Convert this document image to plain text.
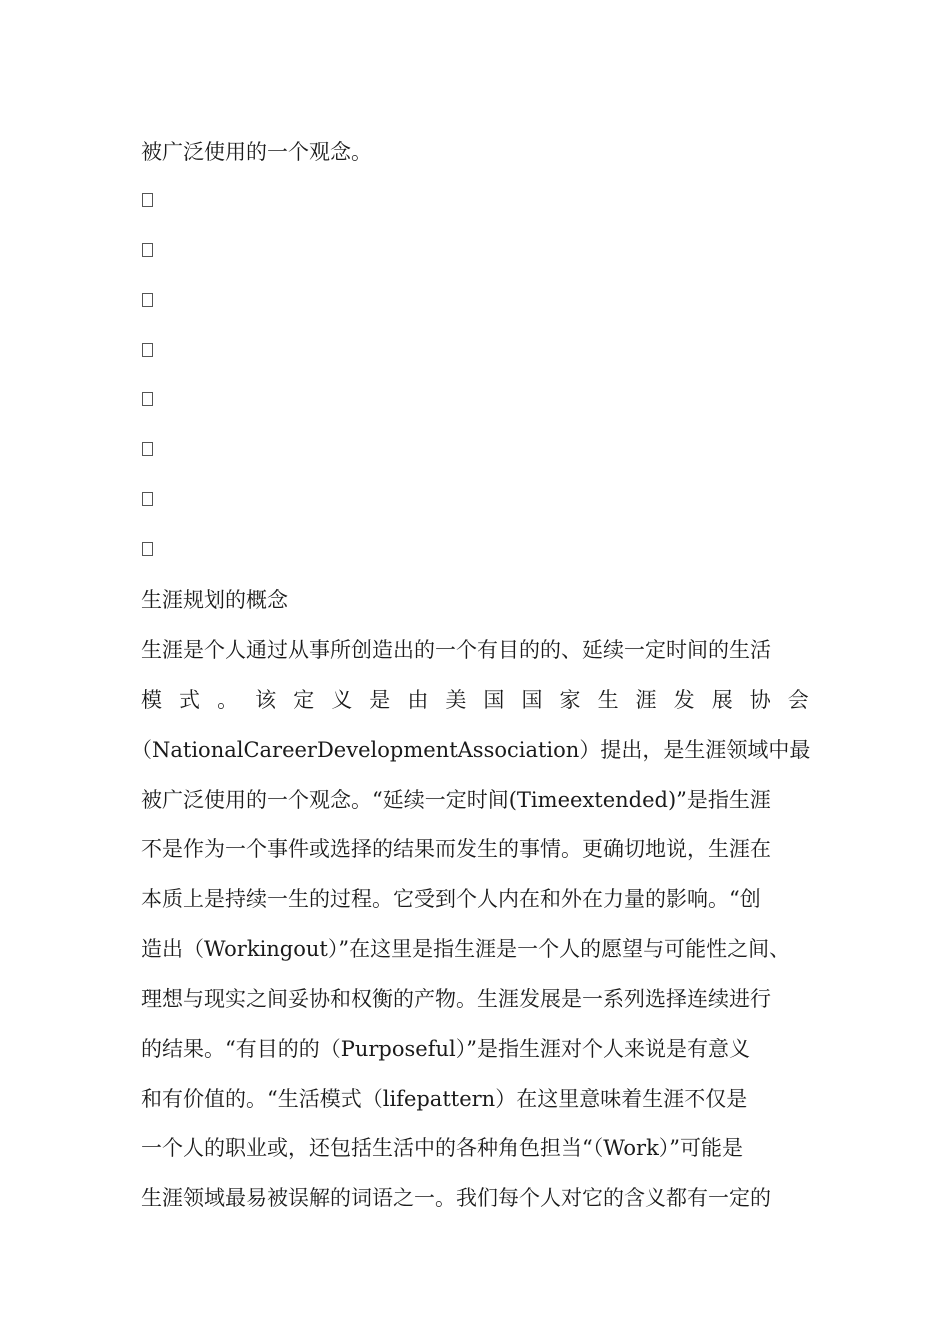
被广泛使用的一个观念。
生涯规划的概念
生涯是个人通过从事所创造出的一个有目的的、延续一定时间的生活
模 式 。 该 定 义 是 由 美 国 国 家 生 涯 发 展 协 会
（NationalCareerDevelopmentAssociation）提出，是生涯领域中最
被广泛使用的一个观念。“延续一定时间(Timeextended)”是指生涯
不是作为一个事件或选择的结果而发生的事情。更确切地说，生涯在
本质上是持续一生的过程。它受到个人内在和外在力量的影响。“创
造出（Workingout）”在这里是指生涯是一个人的愿望与可能性之间、
理想与现实之间妥协和权衡的产物。生涯发展是一系列选择连续进行
的结果。“有目的的（Purposeful）”是指生涯对个人来说是有意义
和有价值的。“生活模式（lifepattern）在这里意味着生涯不仅是
一个人的职业或，还包括生活中的各种角色担当“（Work）”可能是
生涯领域最易被误解的词语之一。我们每个人对它的含义都有一定的
